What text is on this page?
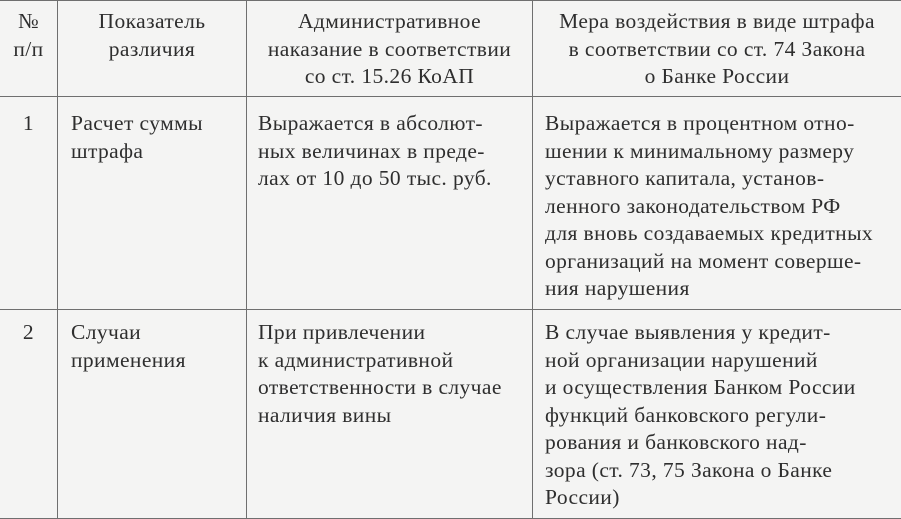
№
п/п
Показатель
различия
Административное
наказание в соответствии
со ст. 15.26 КоАП
Мера воздействия в виде штрафа
в соответствии со ст. 74 Закона
о Банке России
1	Расчет суммы
штрафа
Выражается в абсолют-
ных величинах в преде-
лах от 10 до 50 тыс. руб.
Выражается в процентном отно-
шении к минимальному размеру
уставного капитала, установ-
ленного законодательством РФ
для вновь создаваемых кредитных
организаций на момент соверше-
ния нарушения
2	Случаи
применения
При привлечении
к административной
ответственности в случае
наличия вины
В случае выявления у кредит-
ной организации нарушений
и осуществления Банком России
функций банковского регули-
рования и банковского над-
зора (ст. 73, 75 Закона о Банке
России)
